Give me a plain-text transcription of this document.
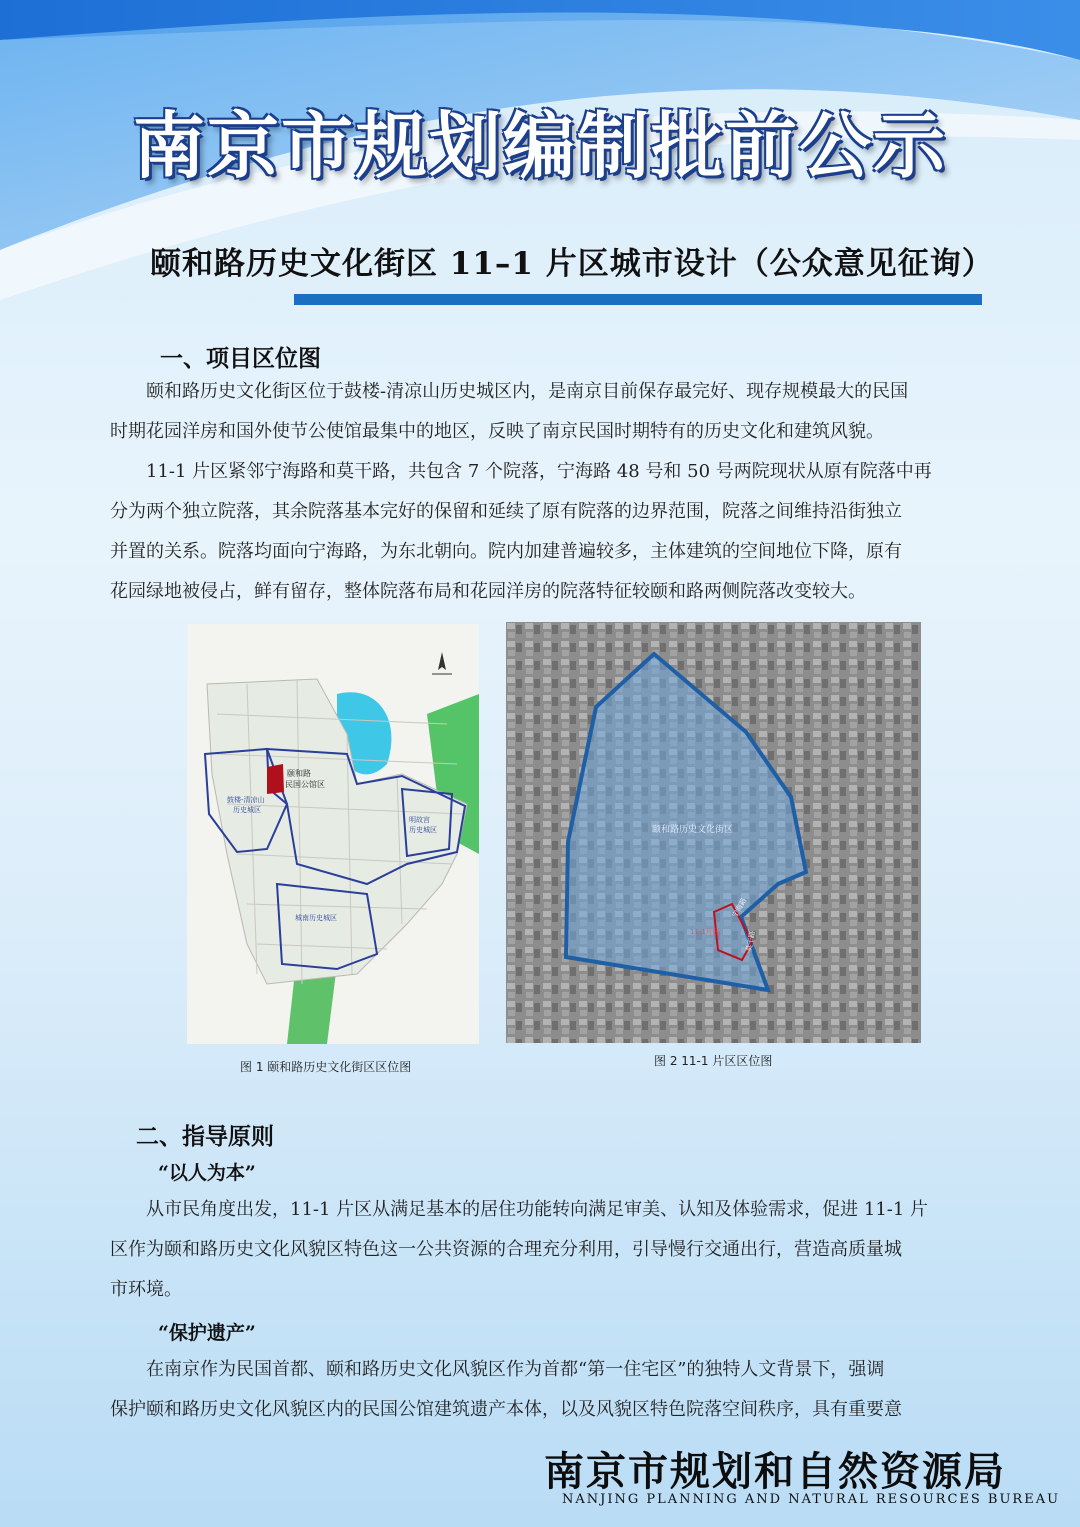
南京市规划编制批前公示
颐和路历史文化街区 11–1 片区城市设计（公众意见征询）
一、项目区位图
　　颐和路历史文化街区位于鼓楼-清凉山历史城区内，是南京目前保存最完好、现存规模最大的民国
时期花园洋房和国外使节公使馆最集中的地区，反映了南京民国时期特有的历史文化和建筑风貌。
　　11-1 片区紧邻宁海路和莫干路，共包含 7 个院落，宁海路 48 号和 50 号两院现状从原有院落中再
分为两个独立院落，其余院落基本完好的保留和延续了原有院落的边界范围，院落之间维持沿街独立
并置的关系。院落均面向宁海路，为东北朝向。院内加建普遍较多，主体建筑的空间地位下降，原有
花园绿地被侵占，鲜有留存，整体院落布局和花园洋房的院落特征较颐和路两侧院落改变较大。
颐和路
民国公馆区
鼓楼-清凉山
历史城区
明故宫
历史城区
城南历史城区
图 1 颐和路历史文化街区区位图
颐和路历史文化街区
11-1片区
宁海路
莫干路
图 2 11-1 片区区位图
二、指导原则
“以人为本”
　　从市民角度出发，11-1 片区从满足基本的居住功能转向满足审美、认知及体验需求，促进 11-1 片
区作为颐和路历史文化风貌区特色这一公共资源的合理充分利用，引导慢行交通出行，营造高质量城
市环境。
“保护遗产”
　　在南京作为民国首都、颐和路历史文化风貌区作为首都“第一住宅区”的独特人文背景下，强调
保护颐和路历史文化风貌区内的民国公馆建筑遗产本体，以及风貌区特色院落空间秩序，具有重要意
南京市规划和自然资源局
NANJING PLANNING AND NATURAL RESOURCES BUREAU
